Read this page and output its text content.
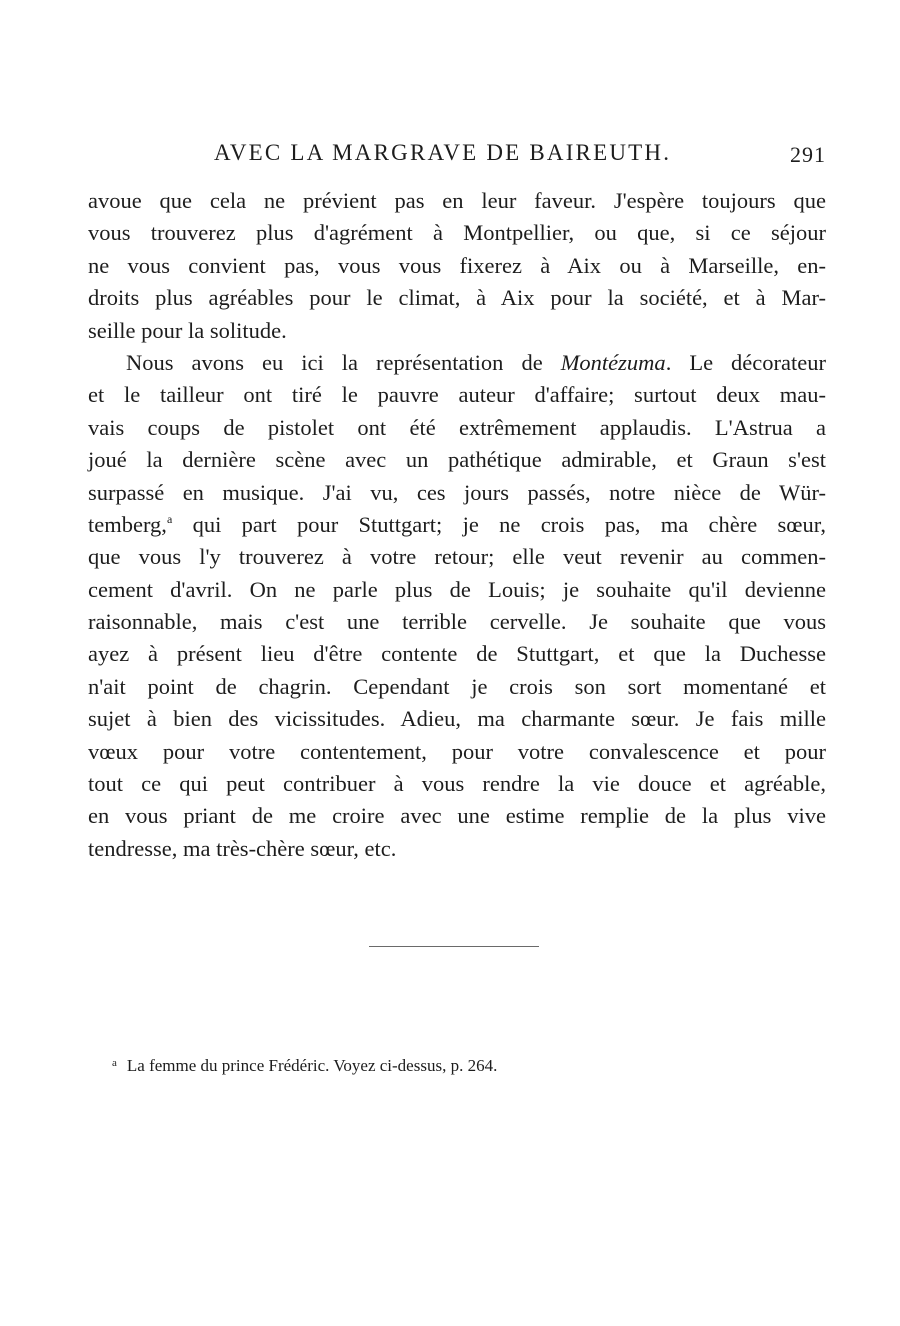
AVEC LA MARGRAVE DE BAIREUTH.	291
avoue que cela ne prévient pas en leur faveur. J'espère toujours que
vous trouverez plus d'agrément à Montpellier, ou que, si ce séjour
ne vous convient pas, vous vous fixerez à Aix ou à Marseille, en-
droits plus agréables pour le climat, à Aix pour la société, et à Mar-
seille pour la solitude.
Nous avons eu ici la représentation de Montézuma. Le décorateur
et le tailleur ont tiré le pauvre auteur d'affaire; surtout deux mau-
vais coups de pistolet ont été extrêmement applaudis. L'Astrua a
joué la dernière scène avec un pathétique admirable, et Graun s'est
surpassé en musique. J'ai vu, ces jours passés, notre nièce de Wür-
temberg,$^a$ qui part pour Stuttgart; je ne crois pas, ma chère sœur,
que vous l'y trouverez à votre retour; elle veut revenir au commen-
cement d'avril. On ne parle plus de Louis; je souhaite qu'il devienne
raisonnable, mais c'est une terrible cervelle. Je souhaite que vous
ayez à présent lieu d'être contente de Stuttgart, et que la Duchesse
n'ait point de chagrin. Cependant je crois son sort momentané et
sujet à bien des vicissitudes. Adieu, ma charmante sœur. Je fais mille
vœux pour votre contentement, pour votre convalescence et pour
tout ce qui peut contribuer à vous rendre la vie douce et agréable,
en vous priant de me croire avec une estime remplie de la plus vive
tendresse, ma très-chère sœur, etc.
$^a$ La femme du prince Frédéric. Voyez ci-dessus, p. 264.
